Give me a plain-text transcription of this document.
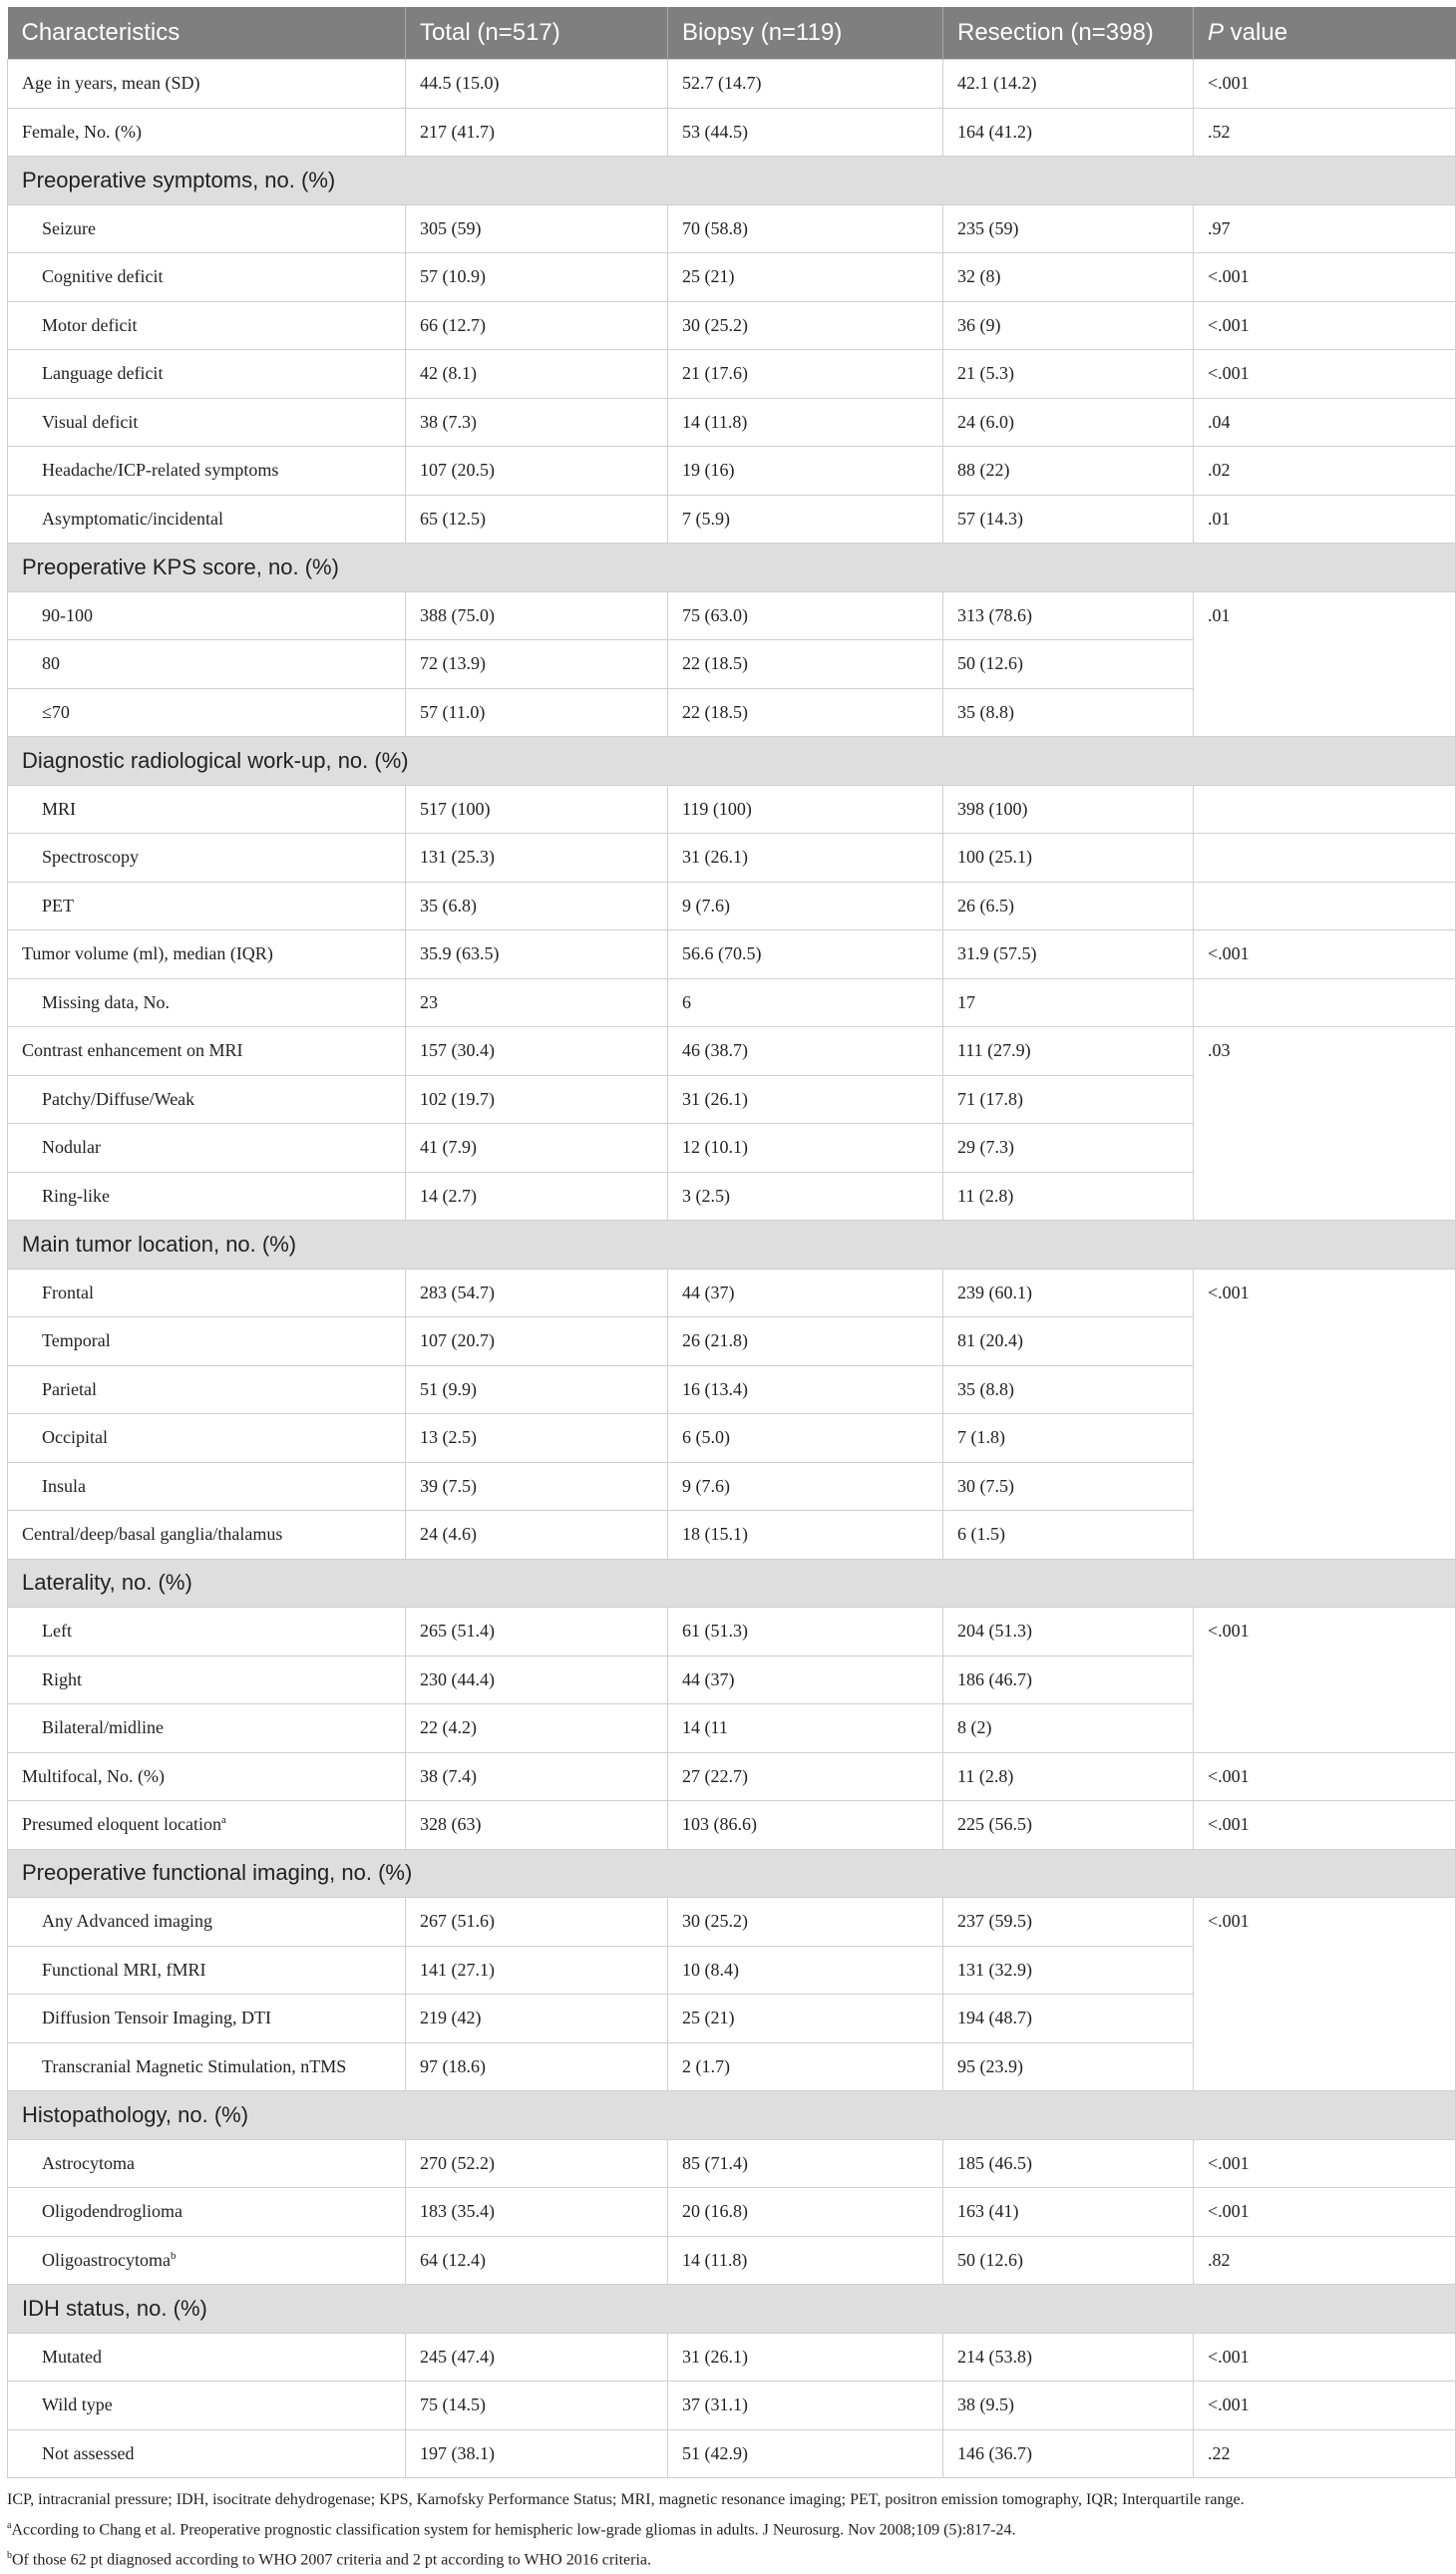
Characteristics	Total (n=517)	Biopsy (n=119)	Resection (n=398)	P value
Age in years, mean (SD)	44.5 (15.0)	52.7 (14.7)	42.1 (14.2)	<.001
Female, No. (%)	217 (41.7)	53 (44.5)	164 (41.2)	.52
Preoperative symptoms, no. (%)				
Seizure	305 (59)	70 (58.8)	235 (59)	.97
Cognitive deficit	57 (10.9)	25 (21)	32 (8)	<.001
Motor deficit	66 (12.7)	30 (25.2)	36 (9)	<.001
Language deficit	42 (8.1)	21 (17.6)	21 (5.3)	<.001
Visual deficit	38 (7.3)	14 (11.8)	24 (6.0)	.04
Headache/ICP-related symptoms	107 (20.5)	19 (16)	88 (22)	.02
Asymptomatic/incidental	65 (12.5)	7 (5.9)	57 (14.3)	.01
Preoperative KPS score, no. (%)				
90-100	388 (75.0)	75 (63.0)	313 (78.6)	.01
80	72 (13.9)	22 (18.5)	50 (12.6)	
≤70	57 (11.0)	22 (18.5)	35 (8.8)	
Diagnostic radiological work-up, no. (%)				
MRI	517 (100)	119 (100)	398 (100)	
Spectroscopy	131 (25.3)	31 (26.1)	100 (25.1)	
PET	35 (6.8)	9 (7.6)	26 (6.5)	
Tumor volume (ml), median (IQR)	35.9 (63.5)	56.6 (70.5)	31.9 (57.5)	<.001
Missing data, No.	23	6	17	
Contrast enhancement on MRI	157 (30.4)	46 (38.7)	111 (27.9)	.03
Patchy/Diffuse/Weak	102 (19.7)	31 (26.1)	71 (17.8)	
Nodular	41 (7.9)	12 (10.1)	29 (7.3)	
Ring-like	14 (2.7)	3 (2.5)	11 (2.8)	
Main tumor location, no. (%)				
Frontal	283 (54.7)	44 (37)	239 (60.1)	<.001
Temporal	107 (20.7)	26 (21.8)	81 (20.4)	
Parietal	51 (9.9)	16 (13.4)	35 (8.8)	
Occipital	13 (2.5)	6 (5.0)	7 (1.8)	
Insula	39 (7.5)	9 (7.6)	30 (7.5)	
Central/deep/basal ganglia/thalamus	24 (4.6)	18 (15.1)	6 (1.5)	
Laterality, no. (%)				
Left	265 (51.4)	61 (51.3)	204 (51.3)	<.001
Right	230 (44.4)	44 (37)	186 (46.7)	
Bilateral/midline	22 (4.2)	14 (11	8 (2)	
Multifocal, No. (%)	38 (7.4)	27 (22.7)	11 (2.8)	<.001
Presumed eloquent location$^a$	328 (63)	103 (86.6)	225 (56.5)	<.001
Preoperative functional imaging, no. (%)				
Any Advanced imaging	267 (51.6)	30 (25.2)	237 (59.5)	<.001
Functional MRI, fMRI	141 (27.1)	10 (8.4)	131 (32.9)	
Diffusion Tensoir Imaging, DTI	219 (42)	25 (21)	194 (48.7)	
Transcranial Magnetic Stimulation, nTMS	97 (18.6)	2 (1.7)	95 (23.9)	
Histopathology, no. (%)				
Astrocytoma	270 (52.2)	85 (71.4)	185 (46.5)	<.001
Oligodendroglioma	183 (35.4)	20 (16.8)	163 (41)	<.001
Oligoastrocytoma$^b$	64 (12.4)	14 (11.8)	50 (12.6)	.82
IDH status, no. (%)				
Mutated	245 (47.4)	31 (26.1)	214 (53.8)	<.001
Wild type	75 (14.5)	37 (31.1)	38 (9.5)	<.001
Not assessed	197 (38.1)	51 (42.9)	146 (36.7)	.22
ICP, intracranial pressure; IDH, isocitrate dehydrogenase; KPS, Karnofsky Performance Status; MRI, magnetic resonance imaging; PET, positron emission tomography, IQR; Interquartile range.
$^a$According to Chang et al. Preoperative prognostic classification system for hemispheric low-grade gliomas in adults. J Neurosurg. Nov 2008;109 (5):817-24.
$^b$Of those 62 pt diagnosed according to WHO 2007 criteria and 2 pt according to WHO 2016 criteria.
